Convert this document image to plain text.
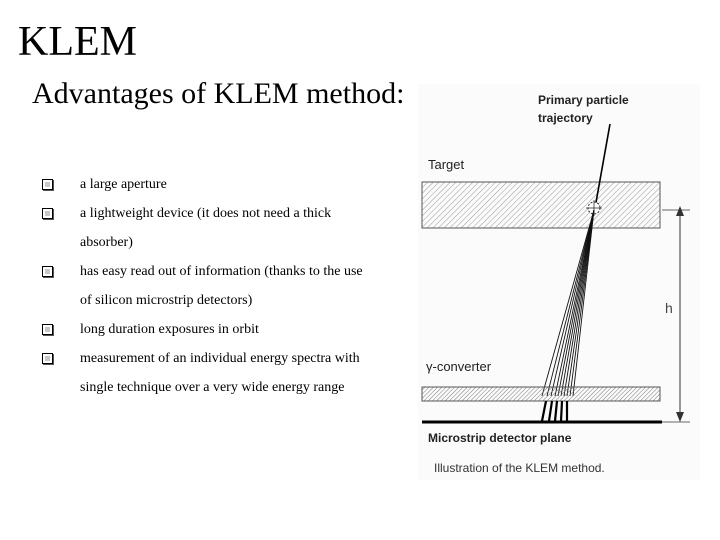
KLEM
Advantages of KLEM method:
a large aperture
a lightweight device (it does not need a thick absorber)
has easy read out of information (thanks to the use of silicon microstrip detectors)
long duration exposures in orbit
measurement of an individual energy spectra with single technique over a very wide energy range
Primary particle
trajectory
Target
γ-converter
Microstrip detector plane
h
Illustration of the KLEM method.
